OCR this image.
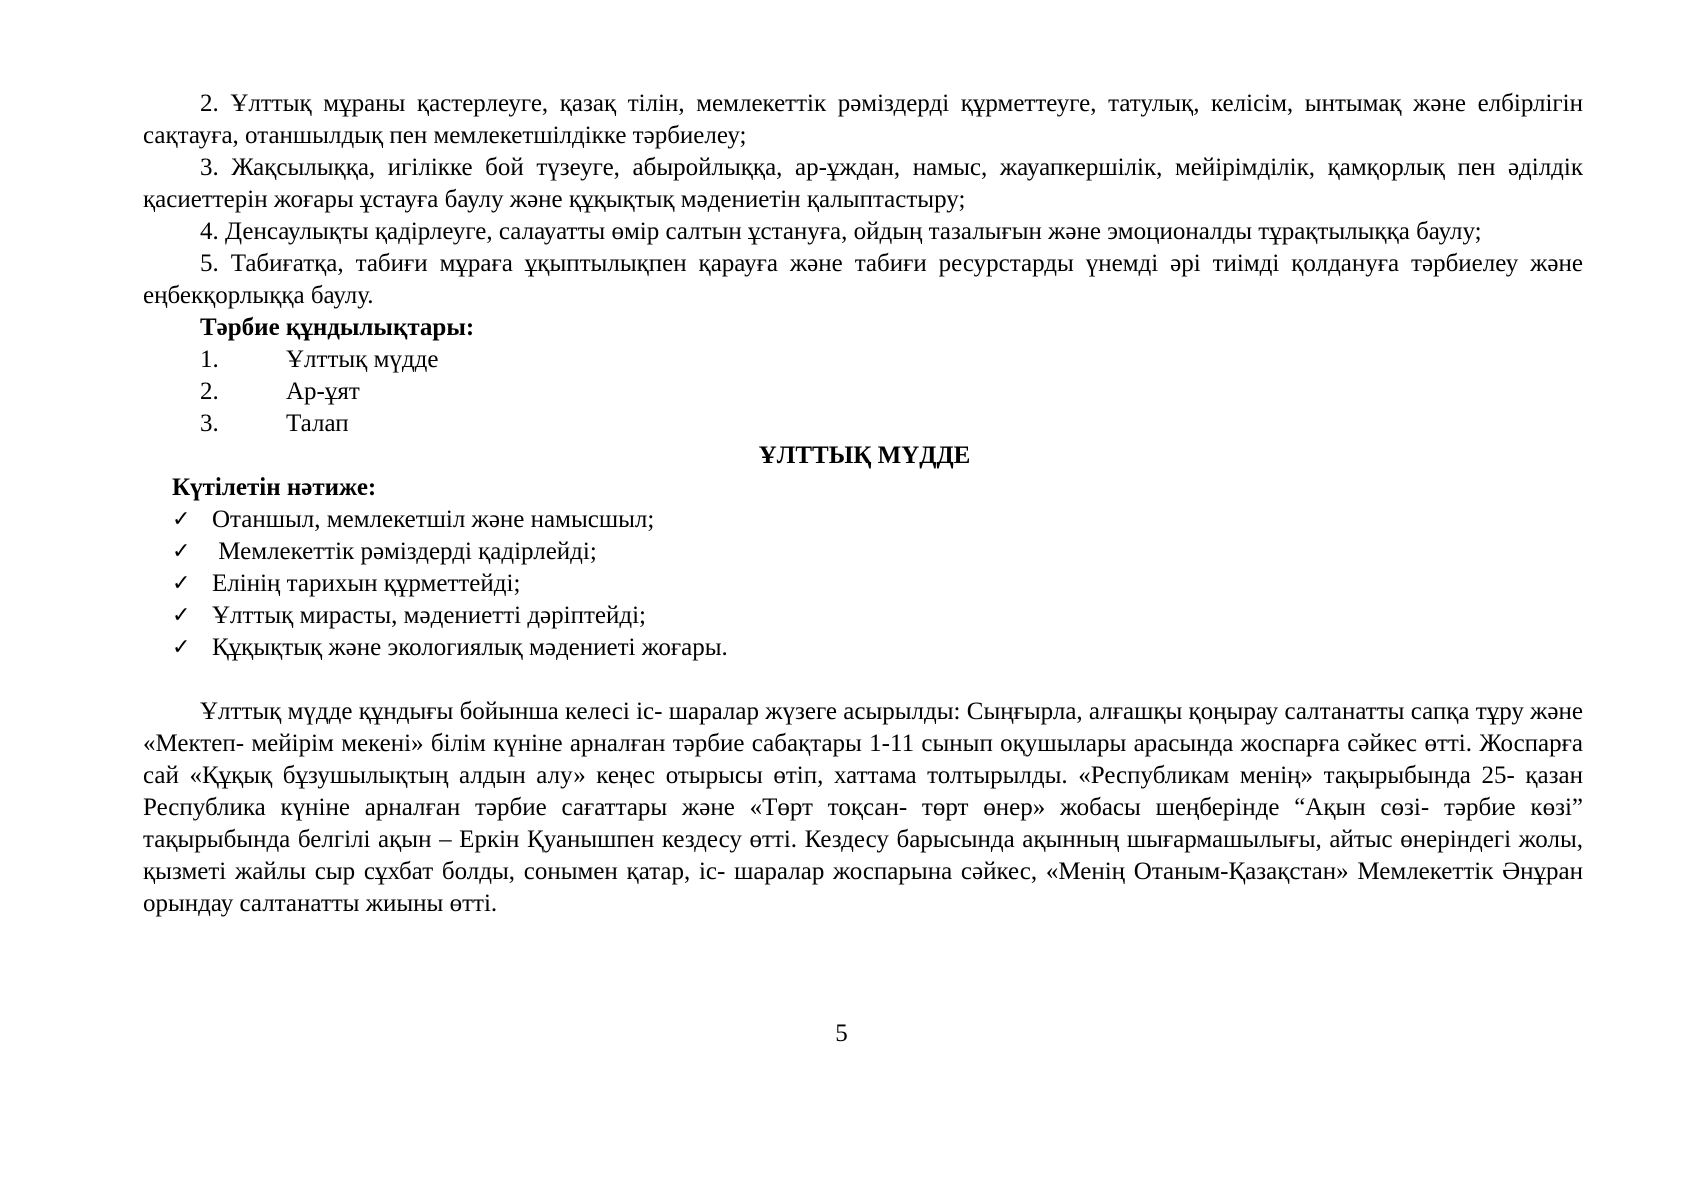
2. Ұлттық мұраны қастерлеуге, қазақ тілін, мемлекеттік рәміздерді құрметтеуге, татулық, келісім, ынтымақ және елбірлігін сақтауға, отаншылдық пен мемлекетшілдікке тәрбиелеу;

3. Жақсылыққа, игілікке бой түзеуге, абыройлыққа, ар-ұждан, намыс, жауапкершілік, мейірімділік, қамқорлық пен әділдік қасиеттерін жоғары ұстауға баулу және құқықтық мәдениетін қалыптастыру;

4. Денсаулықты қадірлеуге, салауатты өмір салтын ұстануға, ойдың тазалығын және эмоционалды тұрақтылыққа баулу;

5. Табиғатқа, табиғи мұраға ұқыптылықпен қарауға және табиғи ресурстарды үнемді әрі тиімді қолдануға тәрбиелеу және еңбекқорлыққа баулу.

Тәрбие құндылықтары:

1.	Ұлттық мүдде
2.	Ар-ұят
3.	Талап

ҰЛТТЫҚ МҮДДЕ

Күтілетін нәтиже:

✓ Отаншыл, мемлекетшіл және намысшыл;
✓ Мемлекеттік рәміздерді қадірлейді;
✓ Елінің тарихын құрметтейді;
✓ Ұлттық мирасты, мәдениетті дәріптейді;
✓ Құқықтық және экологиялық мәдениеті жоғары.

Ұлттық мүдде құндығы бойынша келесі іс- шаралар жүзеге асырылды: Сыңғырла, алғашқы қоңырау салтанатты сапқа тұру және «Мектеп- мейірім мекені» білім күніне арналған тәрбие сабақтары 1-11 сынып оқушылары арасында жоспарға сәйкес өтті. Жоспарға сай «Құқық бұзушылықтың алдын алу» кеңес отырысы өтіп, хаттама толтырылды. «Республикам менің» тақырыбында 25- қазан Республика күніне арналған тәрбие сағаттары және «Төрт тоқсан- төрт өнер» жобасы шеңберінде “Ақын сөзі- тәрбие көзі” тақырыбында белгілі ақын – Еркін Қуанышпен кездесу өтті. Кездесу барысында ақынның шығармашылығы, айтыс өнеріндегі жолы, қызметі жайлы сыр сұхбат болды, сонымен қатар, іс- шаралар жоспарына сәйкес, «Менің Отаным-Қазақстан» Мемлекеттік Әнұран орындау салтанатты жиыны өтті.

5
